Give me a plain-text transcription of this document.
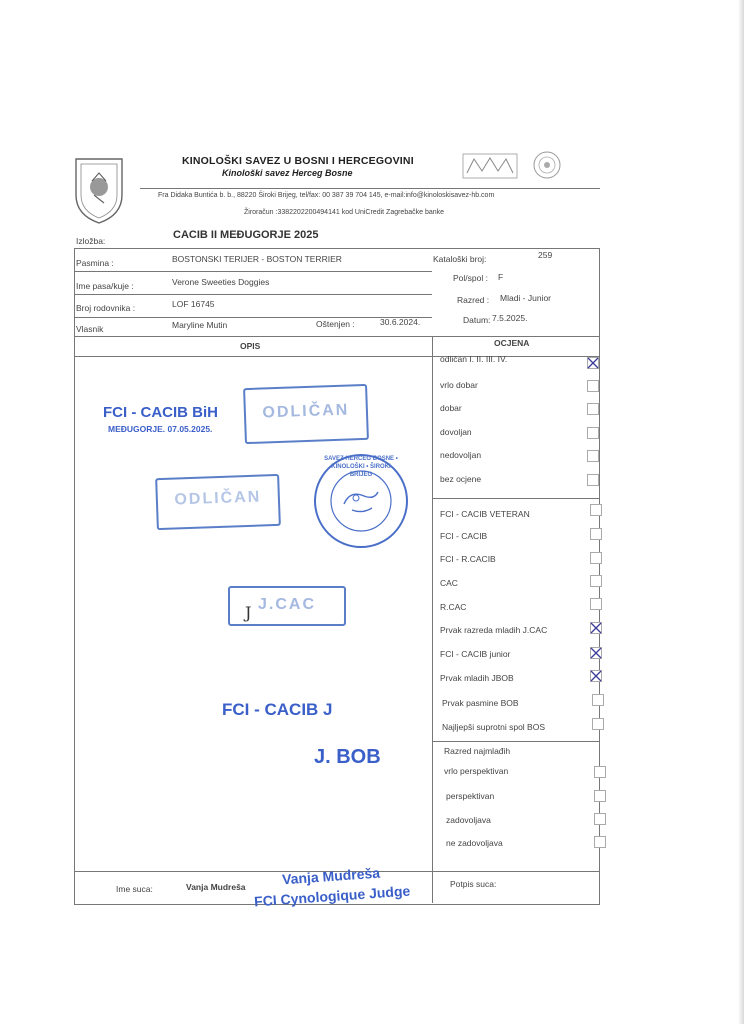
KINOLOŠKI SAVEZ U BOSNI I HERCEGOVINI
Kinološki savez Herceg Bosne
Fra Didaka Buntića b. b., 88220 Široki Brijeg, tel/fax: 00 387 39 704 145, e-mail:info@kinoloskisavez-hb.com
Žiroračun :3382202200494141 kod UniCredit Zagrebačke banke
Izložba:	CACIB II MEĐUGORJE 2025
Pasmina :	BOSTONSKI TERIJER - BOSTON TERRIER
Ime pasa/kuje :	Verone Sweeties Doggies
Broj rodovnika :	LOF 16745
Vlasnik	Maryline Mutin	Oštenjen :	30.6.2024.
Kataloški broj:	259
Pol/spol : F
Razred : Mladi - Junior
Datum: 7.5.2025.
OPIS	OCJENA
odličan I. II. III. IV.
vrlo dobar
dobar
dovoljan
nedovoljan
bez ocjene
FCI - CACIB VETERAN
FCI - CACIB
FCI - R.CACIB
CAC
R.CAC
Prvak razreda mladih J.CAC
FCI - CACIB junior
Prvak mladih JBOB
Prvak pasmine BOB
Najljepši suprotni spol BOS
Razred najmlađih
vrlo perspektivan
perspektivan
zadovoljava
ne zadovoljava
Ime suca:	Vanja Mudreša	Potpis suca:
FCI - CACIB BiH
MEĐUGORJE. 07.05.2025.
ODLIČAN
ODLIČAN
SAVEZ HERCEG BOSNE • KINOLOŠKI • ŠIROKI BRIJEG
J.CAC
J
FCI - CACIB J
J. BOB
Vanja Mudreša
FCI Cynologique Judge
